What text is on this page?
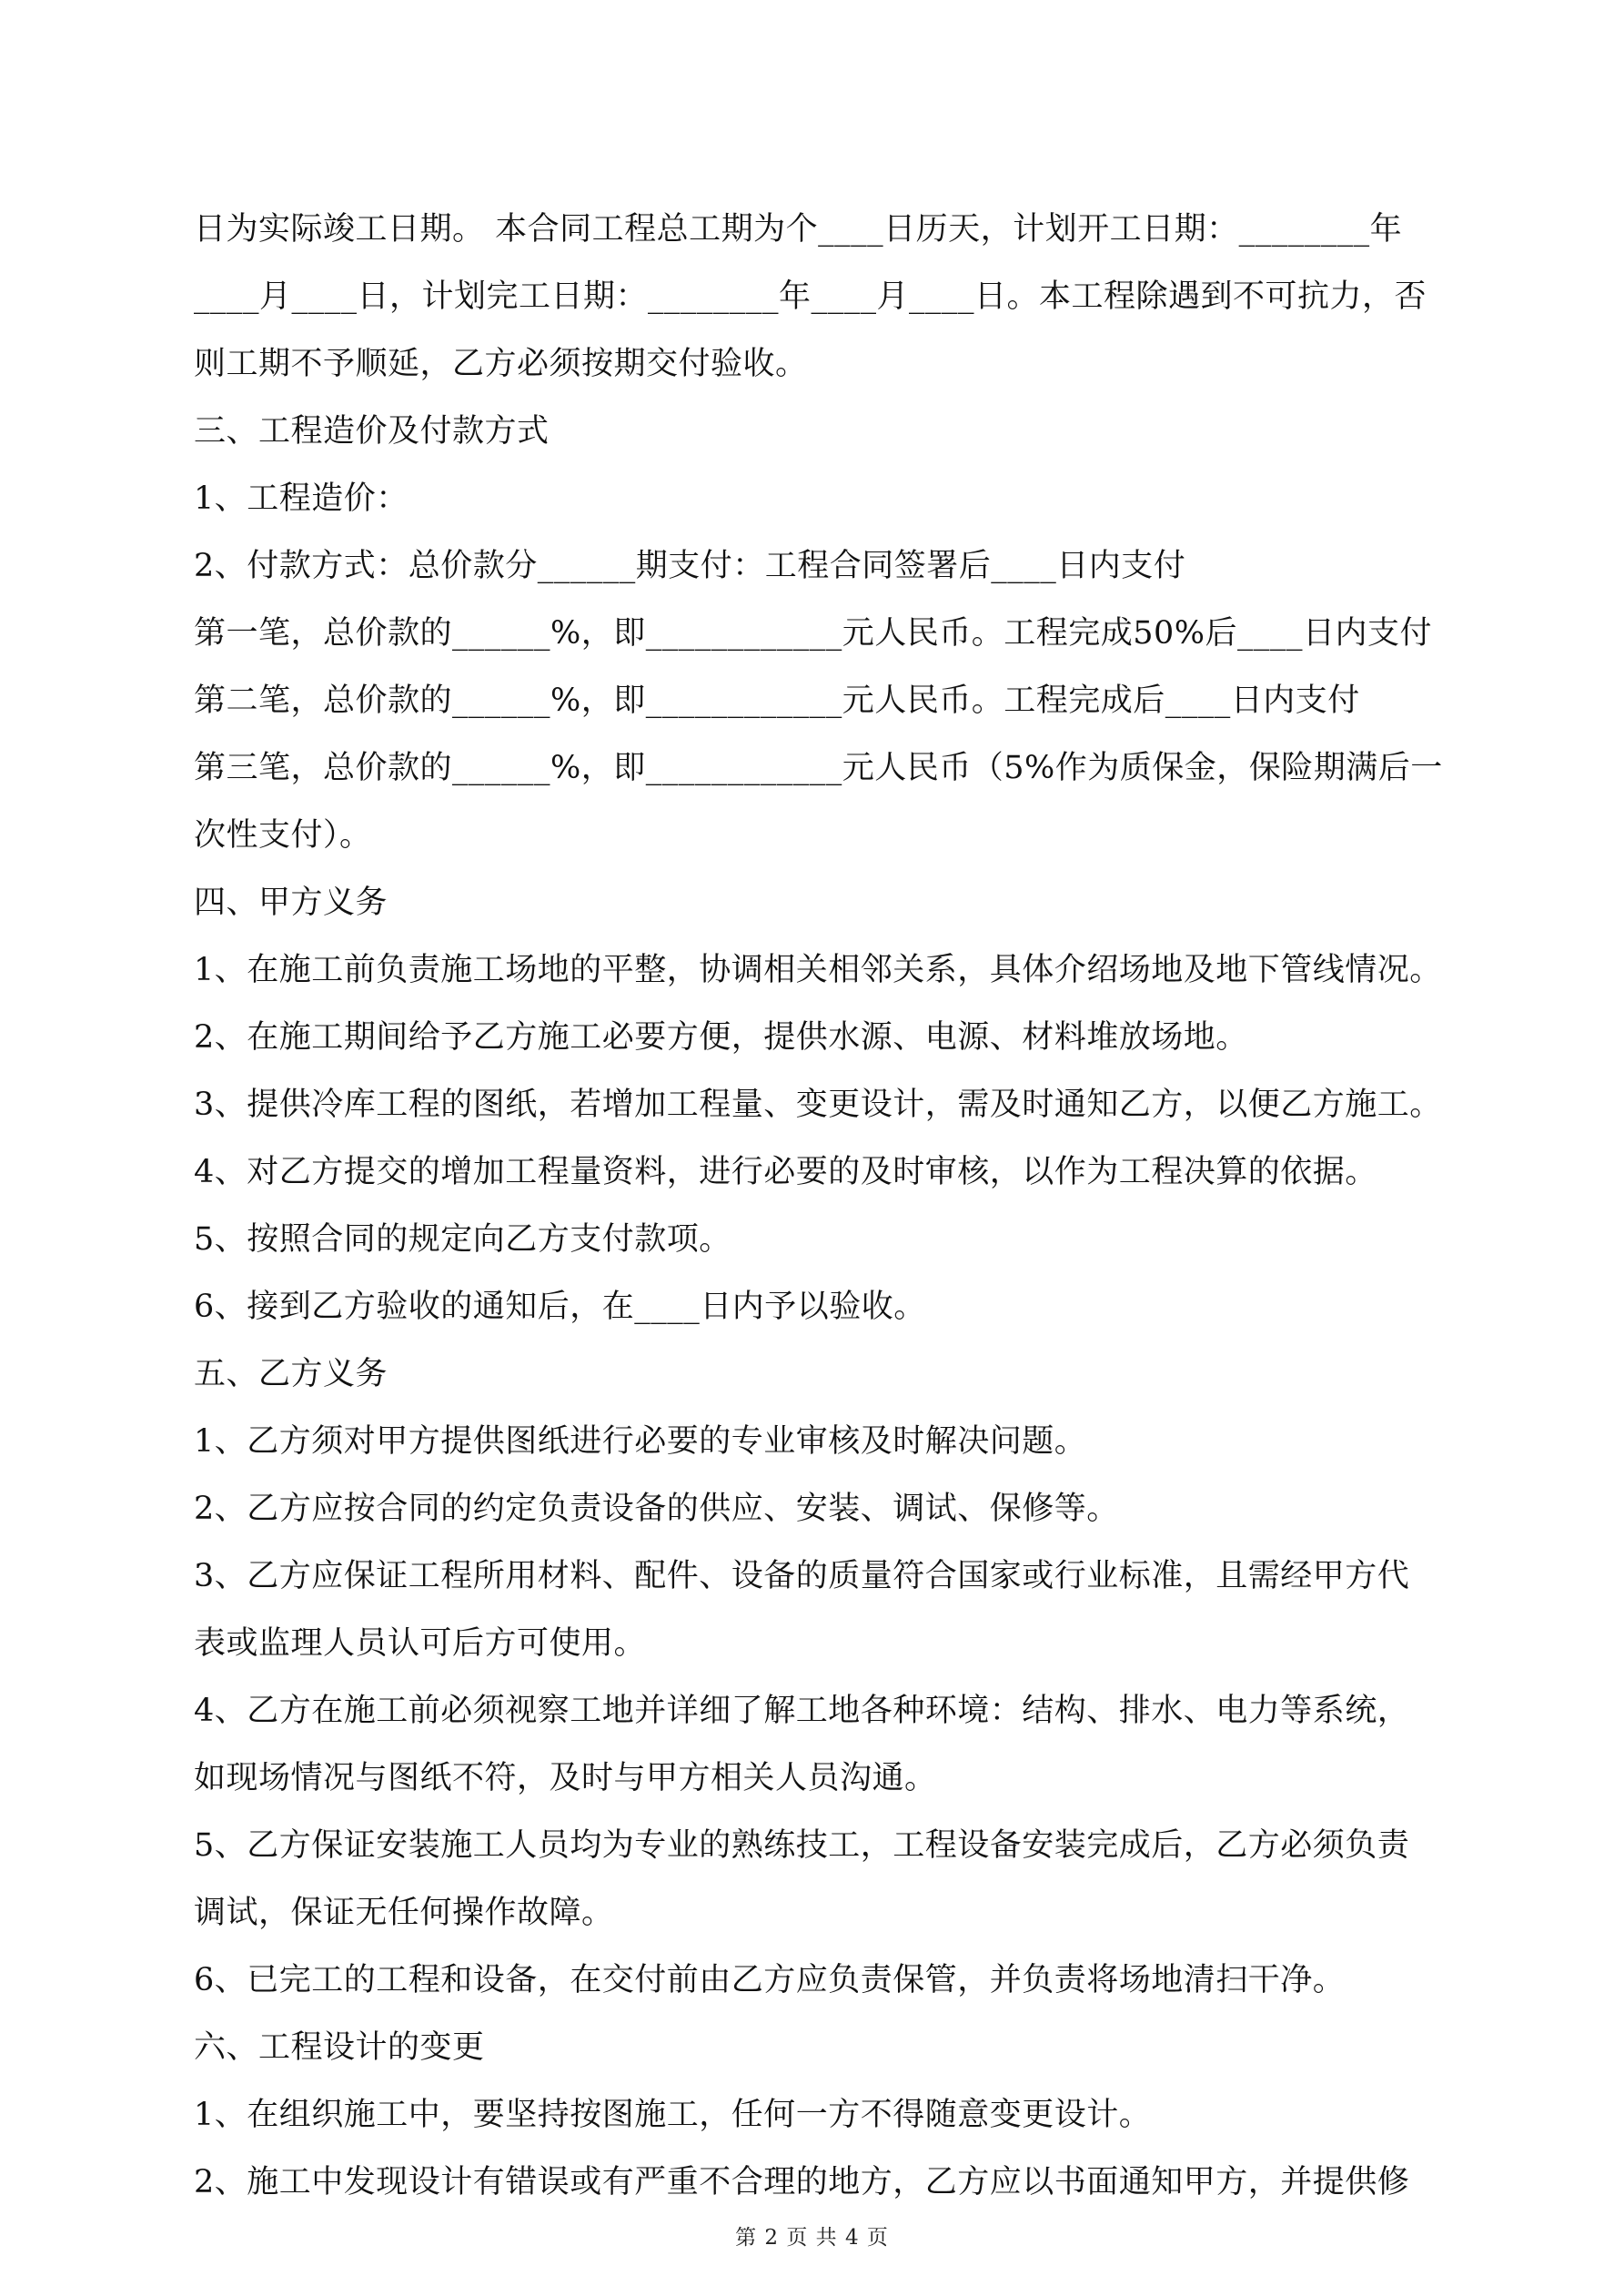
日为实际竣工日期。 本合同工程总工期为个____日历天，计划开工日期：________年
____月____日，计划完工日期：________年____月____日。本工程除遇到不可抗力，否
则工期不予顺延，乙方必须按期交付验收。
三、工程造价及付款方式
1、工程造价：
2、付款方式：总价款分______期支付：工程合同签署后____日内支付
第一笔，总价款的______%，即____________元人民币。工程完成50%后____日内支付
第二笔，总价款的______%，即____________元人民币。工程完成后____日内支付
第三笔，总价款的______%，即____________元人民币（5%作为质保金，保险期满后一
次性支付）。
四、甲方义务
1、在施工前负责施工场地的平整，协调相关相邻关系，具体介绍场地及地下管线情况。
2、在施工期间给予乙方施工必要方便，提供水源、电源、材料堆放场地。
3、提供冷库工程的图纸，若增加工程量、变更设计，需及时通知乙方，以便乙方施工。
4、对乙方提交的增加工程量资料，进行必要的及时审核，以作为工程决算的依据。
5、按照合同的规定向乙方支付款项。
6、接到乙方验收的通知后，在____日内予以验收。
五、乙方义务
1、乙方须对甲方提供图纸进行必要的专业审核及时解决问题。
2、乙方应按合同的约定负责设备的供应、安装、调试、保修等。
3、乙方应保证工程所用材料、配件、设备的质量符合国家或行业标准，且需经甲方代
表或监理人员认可后方可使用。
4、乙方在施工前必须视察工地并详细了解工地各种环境：结构、排水、电力等系统，
如现场情况与图纸不符，及时与甲方相关人员沟通。
5、乙方保证安装施工人员均为专业的熟练技工，工程设备安装完成后，乙方必须负责
调试，保证无任何操作故障。
6、已完工的工程和设备，在交付前由乙方应负责保管，并负责将场地清扫干净。
六、工程设计的变更
1、在组织施工中，要坚持按图施工，任何一方不得随意变更设计。
2、施工中发现设计有错误或有严重不合理的地方，乙方应以书面通知甲方，并提供修
第 2 页 共 4 页
